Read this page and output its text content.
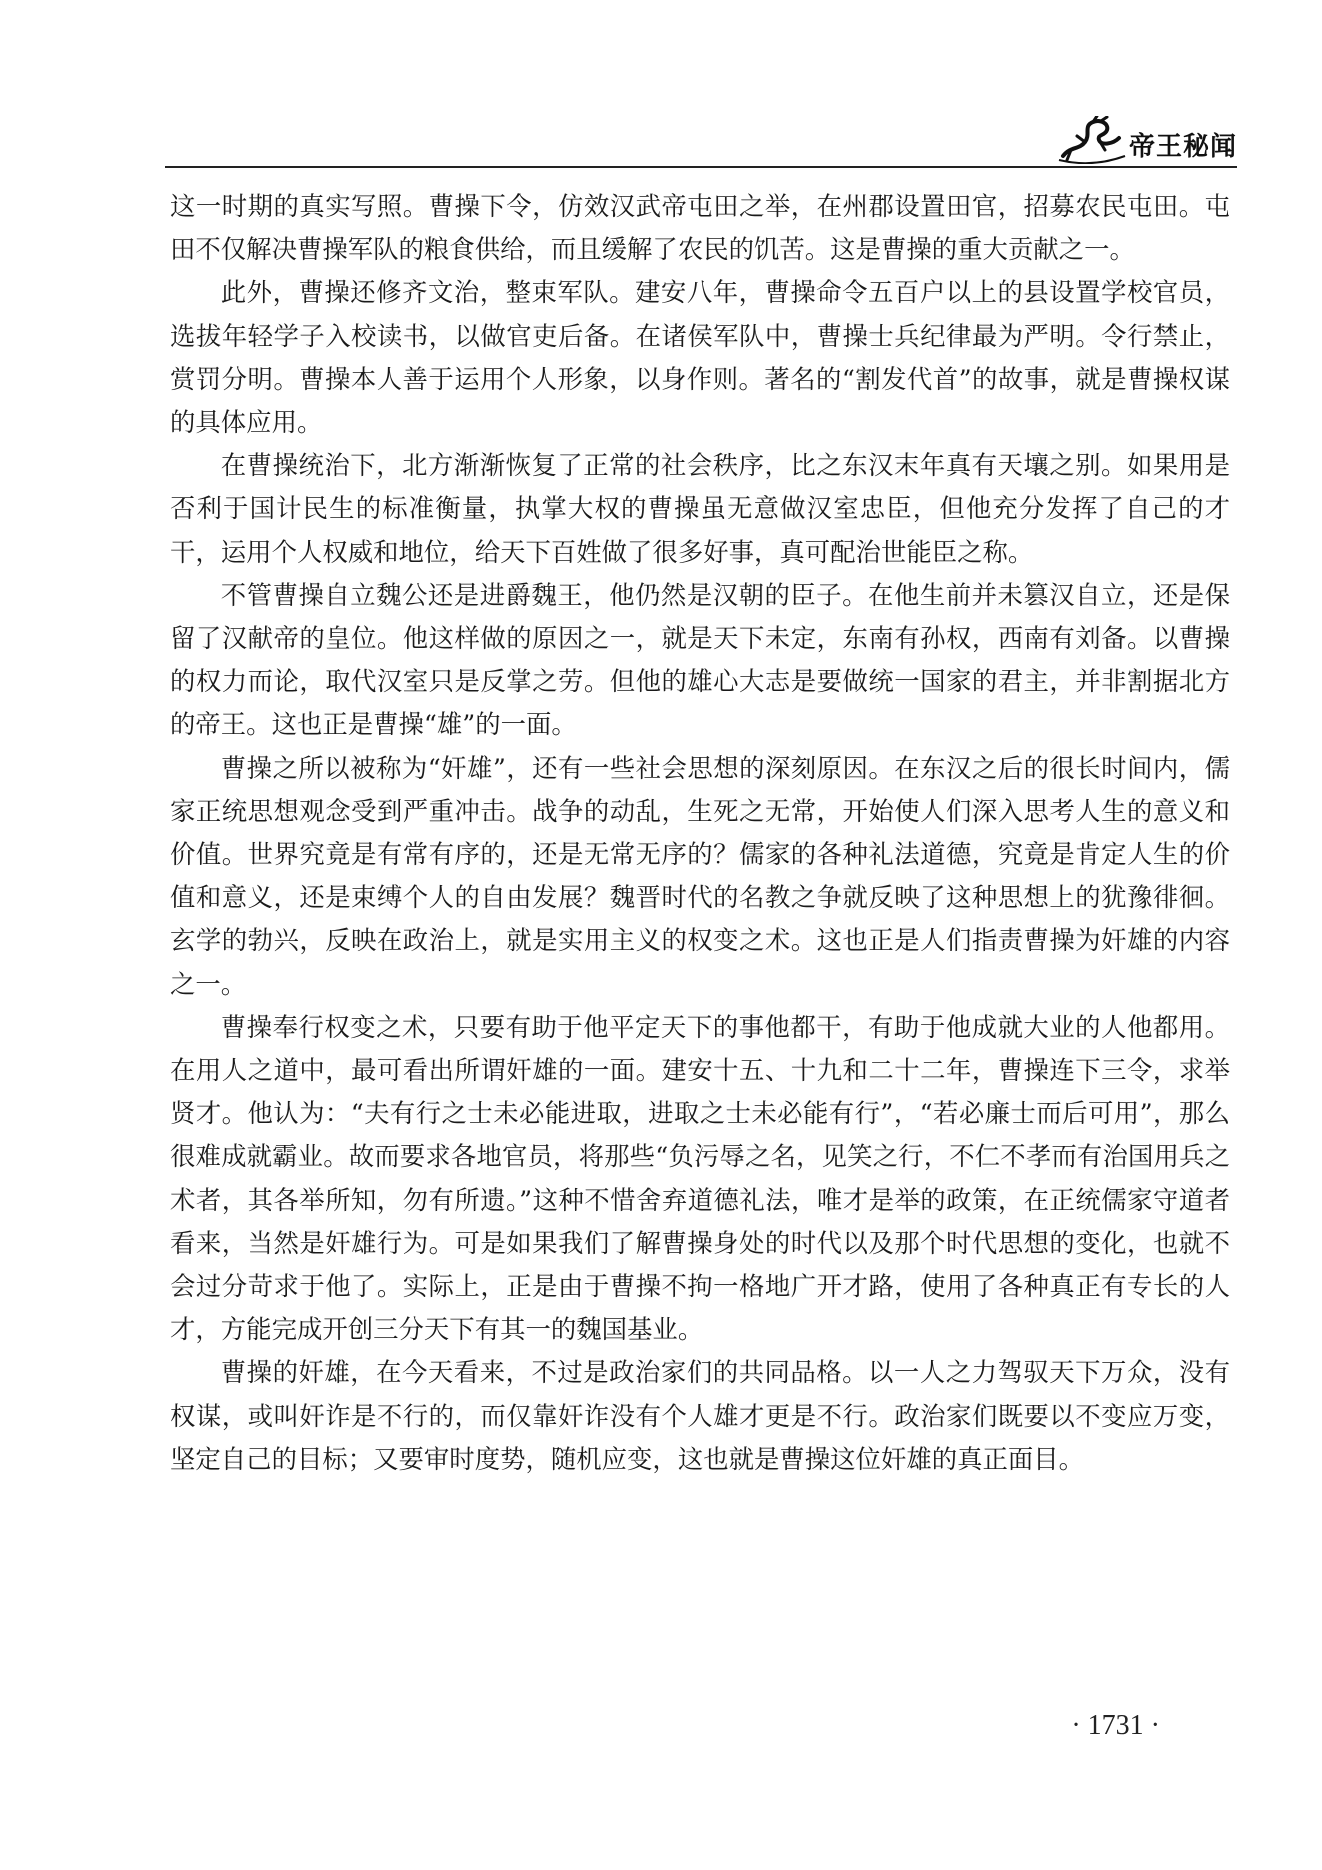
帝王秘闻

这一时期的真实写照。曹操下令，仿效汉武帝屯田之举，在州郡设置田官，招募农民屯田。屯田不仅解决曹操军队的粮食供给，而且缓解了农民的饥苦。这是曹操的重大贡献之一。

此外，曹操还修齐文治，整束军队。建安八年，曹操命令五百户以上的县设置学校官员，选拔年轻学子入校读书，以做官吏后备。在诸侯军队中，曹操士兵纪律最为严明。令行禁止，赏罚分明。曹操本人善于运用个人形象，以身作则。著名的“割发代首”的故事，就是曹操权谋的具体应用。

在曹操统治下，北方渐渐恢复了正常的社会秩序，比之东汉末年真有天壤之别。如果用是否利于国计民生的标准衡量，执掌大权的曹操虽无意做汉室忠臣，但他充分发挥了自己的才干，运用个人权威和地位，给天下百姓做了很多好事，真可配治世能臣之称。

不管曹操自立魏公还是进爵魏王，他仍然是汉朝的臣子。在他生前并未篡汉自立，还是保留了汉献帝的皇位。他这样做的原因之一，就是天下未定，东南有孙权，西南有刘备。以曹操的权力而论，取代汉室只是反掌之劳。但他的雄心大志是要做统一国家的君主，并非割据北方的帝王。这也正是曹操“雄”的一面。

曹操之所以被称为“奸雄”，还有一些社会思想的深刻原因。在东汉之后的很长时间内，儒家正统思想观念受到严重冲击。战争的动乱，生死之无常，开始使人们深入思考人生的意义和价值。世界究竟是有常有序的，还是无常无序的？儒家的各种礼法道德，究竟是肯定人生的价值和意义，还是束缚个人的自由发展？魏晋时代的名教之争就反映了这种思想上的犹豫徘徊。玄学的勃兴，反映在政治上，就是实用主义的权变之术。这也正是人们指责曹操为奸雄的内容之一。

曹操奉行权变之术，只要有助于他平定天下的事他都干，有助于他成就大业的人他都用。在用人之道中，最可看出所谓奸雄的一面。建安十五、十九和二十二年，曹操连下三令，求举贤才。他认为：“夫有行之士未必能进取，进取之士未必能有行”，“若必廉士而后可用”，那么很难成就霸业。故而要求各地官员，将那些“负污辱之名，见笑之行，不仁不孝而有治国用兵之术者，其各举所知，勿有所遗。”这种不惜舍弃道德礼法，唯才是举的政策，在正统儒家守道者看来，当然是奸雄行为。可是如果我们了解曹操身处的时代以及那个时代思想的变化，也就不会过分苛求于他了。实际上，正是由于曹操不拘一格地广开才路，使用了各种真正有专长的人才，方能完成开创三分天下有其一的魏国基业。

曹操的奸雄，在今天看来，不过是政治家们的共同品格。以一人之力驾驭天下万众，没有权谋，或叫奸诈是不行的，而仅靠奸诈没有个人雄才更是不行。政治家们既要以不变应万变，坚定自己的目标；又要审时度势，随机应变，这也就是曹操这位奸雄的真正面目。

· 1731 ·
